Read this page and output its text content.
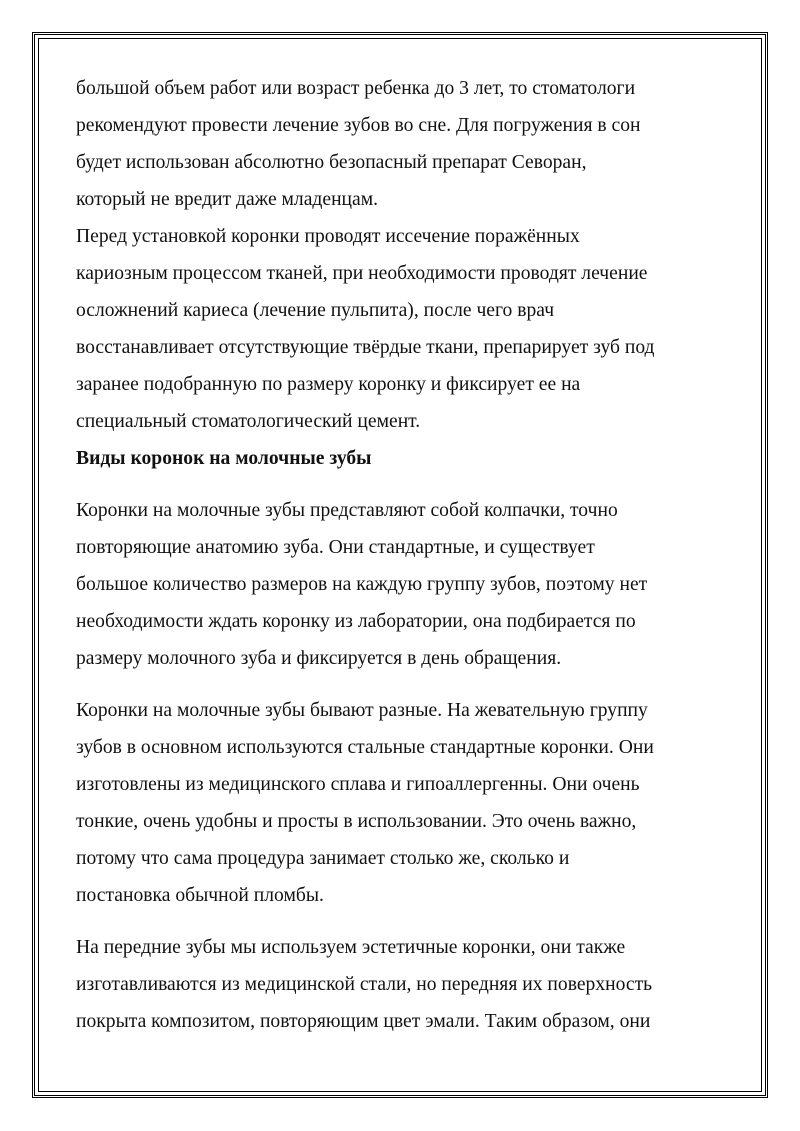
большой объем работ или возраст ребенка до 3 лет, то стоматологи
рекомендуют провести лечение зубов во сне. Для погружения в сон
будет использован абсолютно безопасный препарат Севоран,
который не вредит даже младенцам.
Перед установкой коронки проводят иссечение поражённых
кариозным процессом тканей, при необходимости проводят лечение
осложнений кариеса (лечение пульпита), после чего врач
восстанавливает отсутствующие твёрдые ткани, препарирует зуб под
заранее подобранную по размеру коронку и фиксирует ее на
специальный стоматологический цемент.
Виды коронок на молочные зубы
Коронки на молочные зубы представляют собой колпачки, точно
повторяющие анатомию зуба. Они стандартные, и существует
большое количество размеров на каждую группу зубов, поэтому нет
необходимости ждать коронку из лаборатории, она подбирается по
размеру молочного зуба и фиксируется в день обращения.
Коронки на молочные зубы бывают разные. На жевательную группу
зубов в основном используются стальные стандартные коронки. Они
изготовлены из медицинского сплава и гипоаллергенны. Они очень
тонкие, очень удобны и просты в использовании. Это очень важно,
потому что сама процедура занимает столько же, сколько и
постановка обычной пломбы.
На передние зубы мы используем эстетичные коронки, они также
изготавливаются из медицинской стали, но передняя их поверхность
покрыта композитом, повторяющим цвет эмали. Таким образом, они
